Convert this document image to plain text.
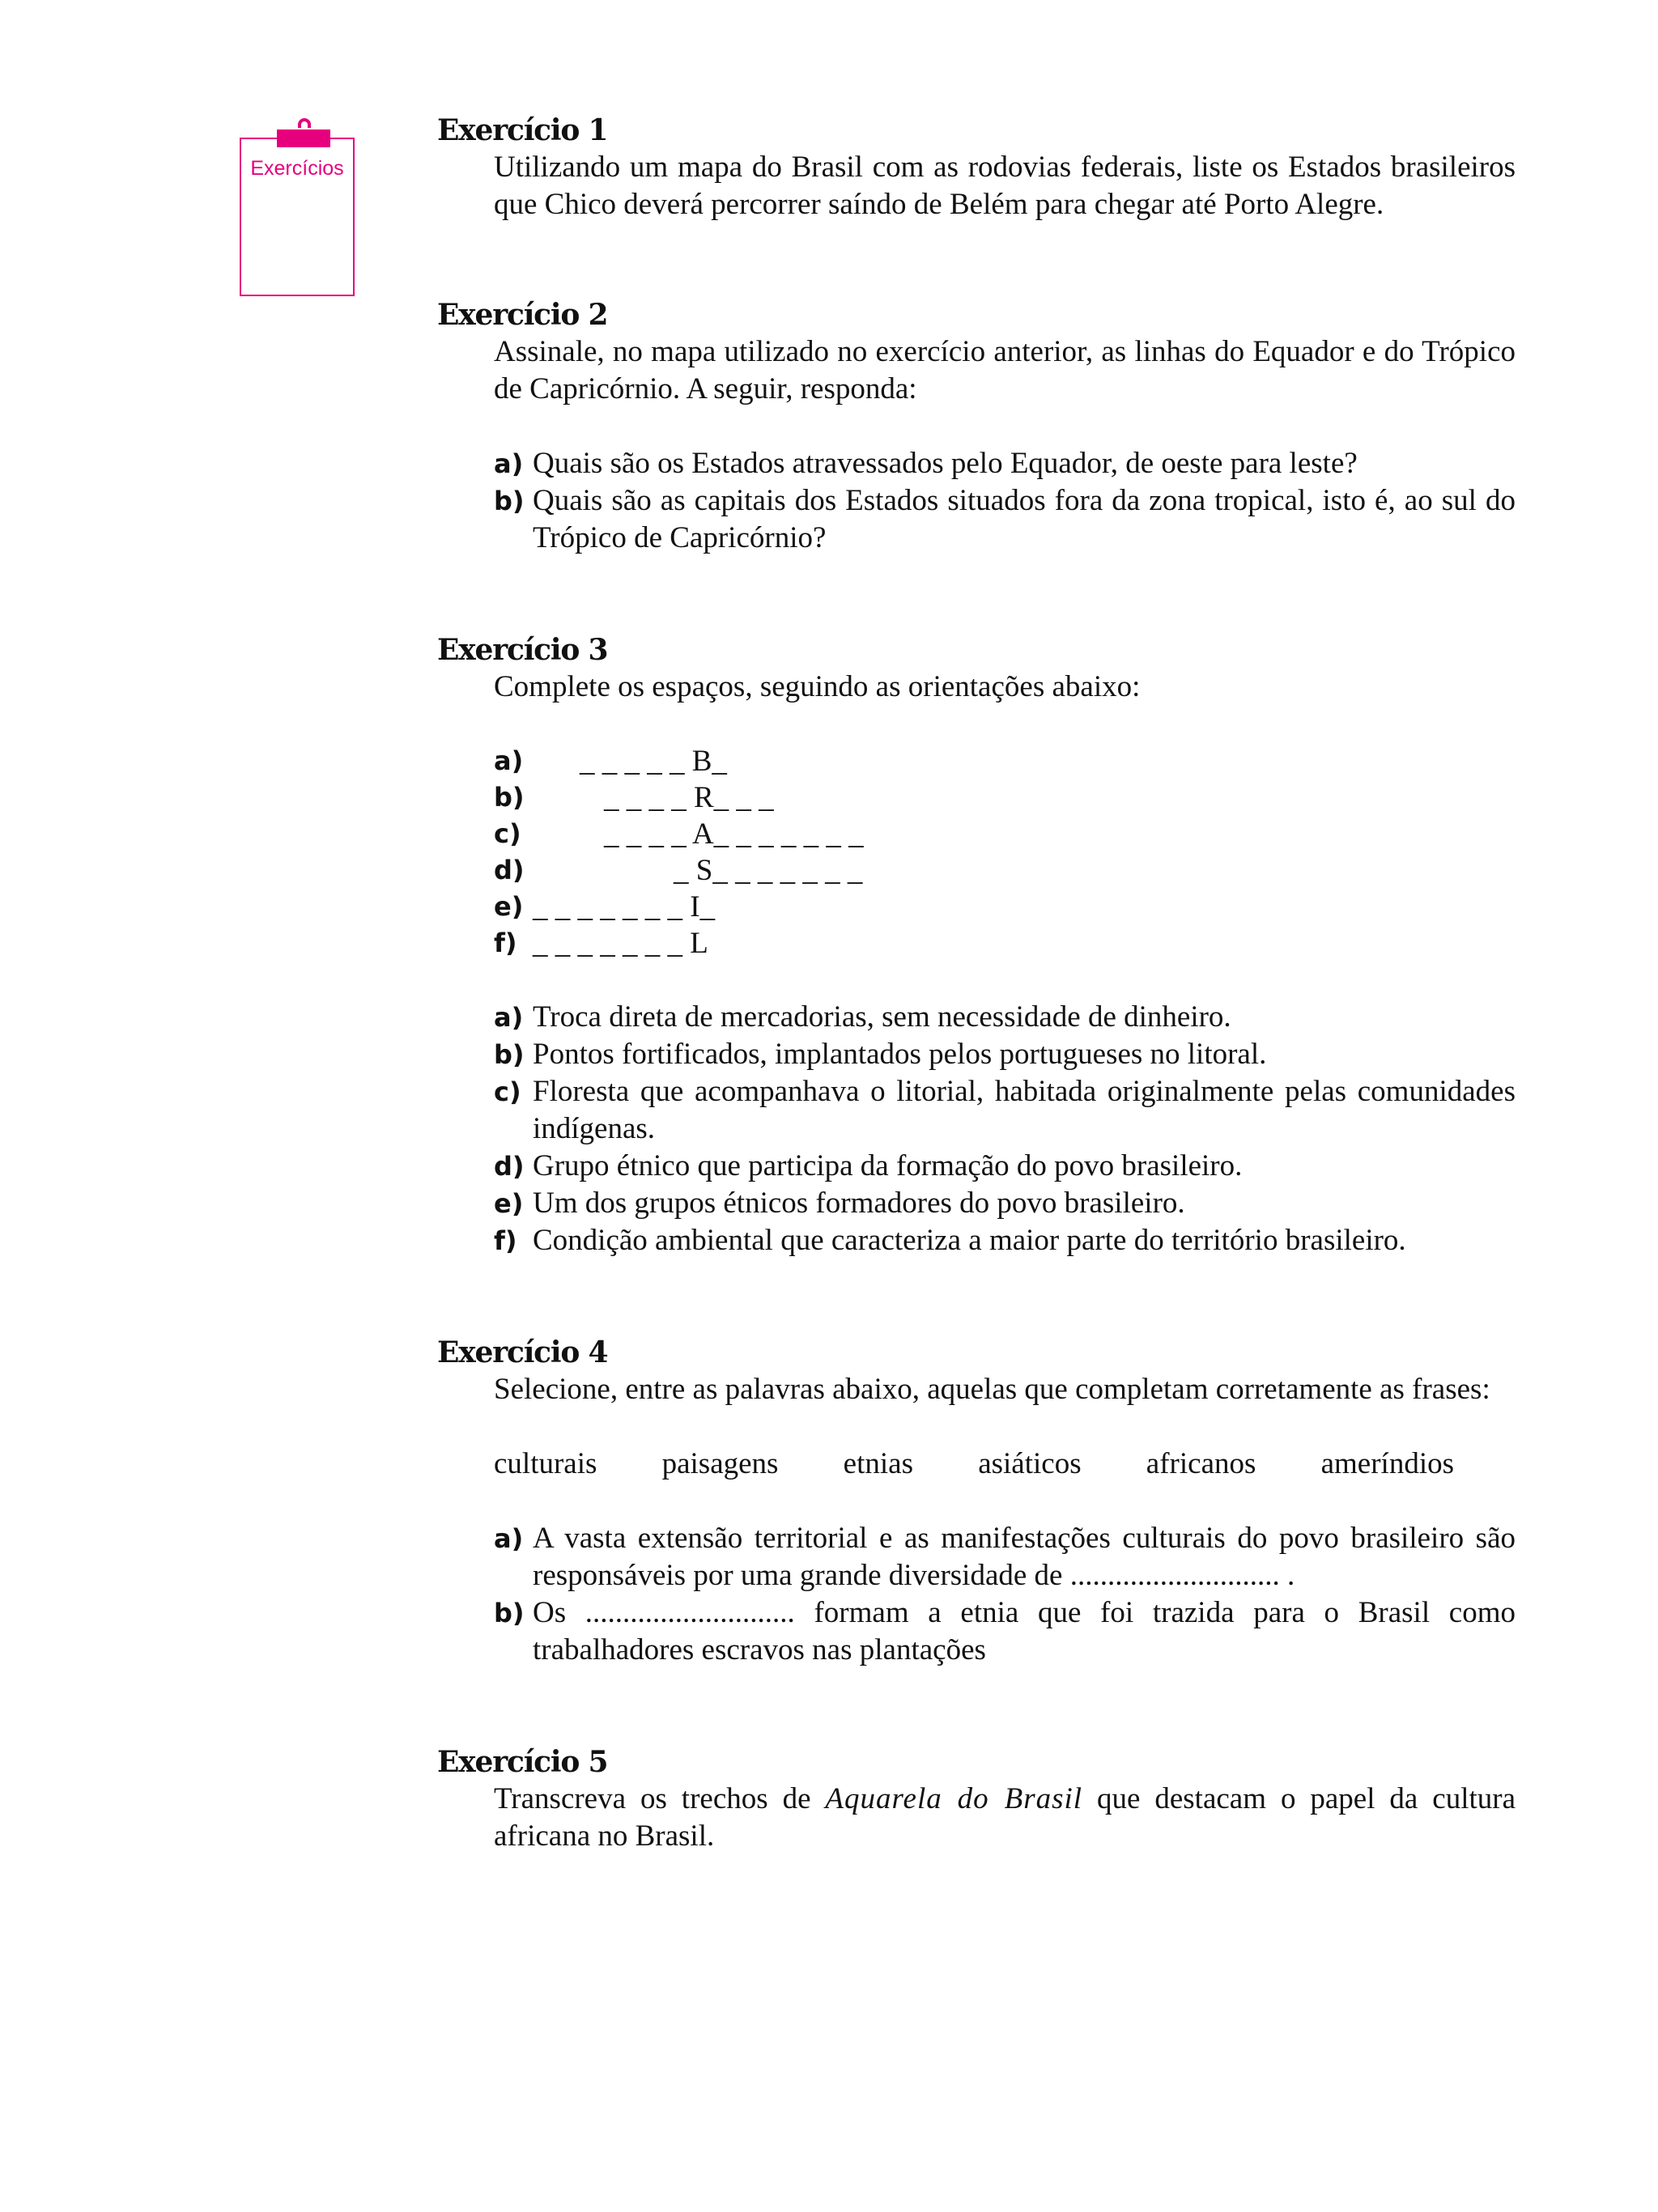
Exercícios
Exercício 1
Utilizando um mapa do Brasil com as rodovias federais, liste os Estados brasileiros que Chico deverá percorrer saíndo de Belém para chegar até Porto Alegre.
Exercício 2
Assinale, no mapa utilizado no exercício anterior, as linhas do Equador e do Trópico de Capricórnio. A seguir, responda:
a) Quais são os Estados atravessados pelo Equador, de oeste para leste?
b) Quais são as capitais dos Estados situados fora da zona tropical, isto é, ao sul do Trópico de Capricórnio?
Exercício 3
Complete os espaços, seguindo as orientações abaixo:
a) _ _ _ _ _ B_
b)	_ _ _ _ R_ _ _
c)	_ _ _ _ A_ _ _ _ _ _ _
d)	_ S_ _ _ _ _ _ _
e) _ _ _ _ _ _ _ I_
f) _ _ _ _ _ _ _ L
a) Troca direta de mercadorias, sem necessidade de dinheiro.
b) Pontos fortificados, implantados pelos portugueses no litoral.
c) Floresta que acompanhava o litorial, habitada originalmente pelas comunidades indígenas.
d) Grupo étnico que participa da formação do povo brasileiro.
e) Um dos grupos étnicos formadores do povo brasileiro.
f) Condição ambiental que caracteriza a maior parte do território brasileiro.
Exercício 4
Selecione, entre as palavras abaixo, aquelas que completam corretamente as frases:
culturais paisagens etnias asiáticos africanos ameríndios
a) A vasta extensão territorial e as manifestações culturais do povo brasileiro são responsáveis por uma grande diversidade de ............................ .
b) Os ............................ formam a etnia que foi trazida para o Brasil como trabalhadores escravos nas plantações
Exercício 5
Transcreva os trechos de Aquarela do Brasil que destacam o papel da cultura africana no Brasil.
